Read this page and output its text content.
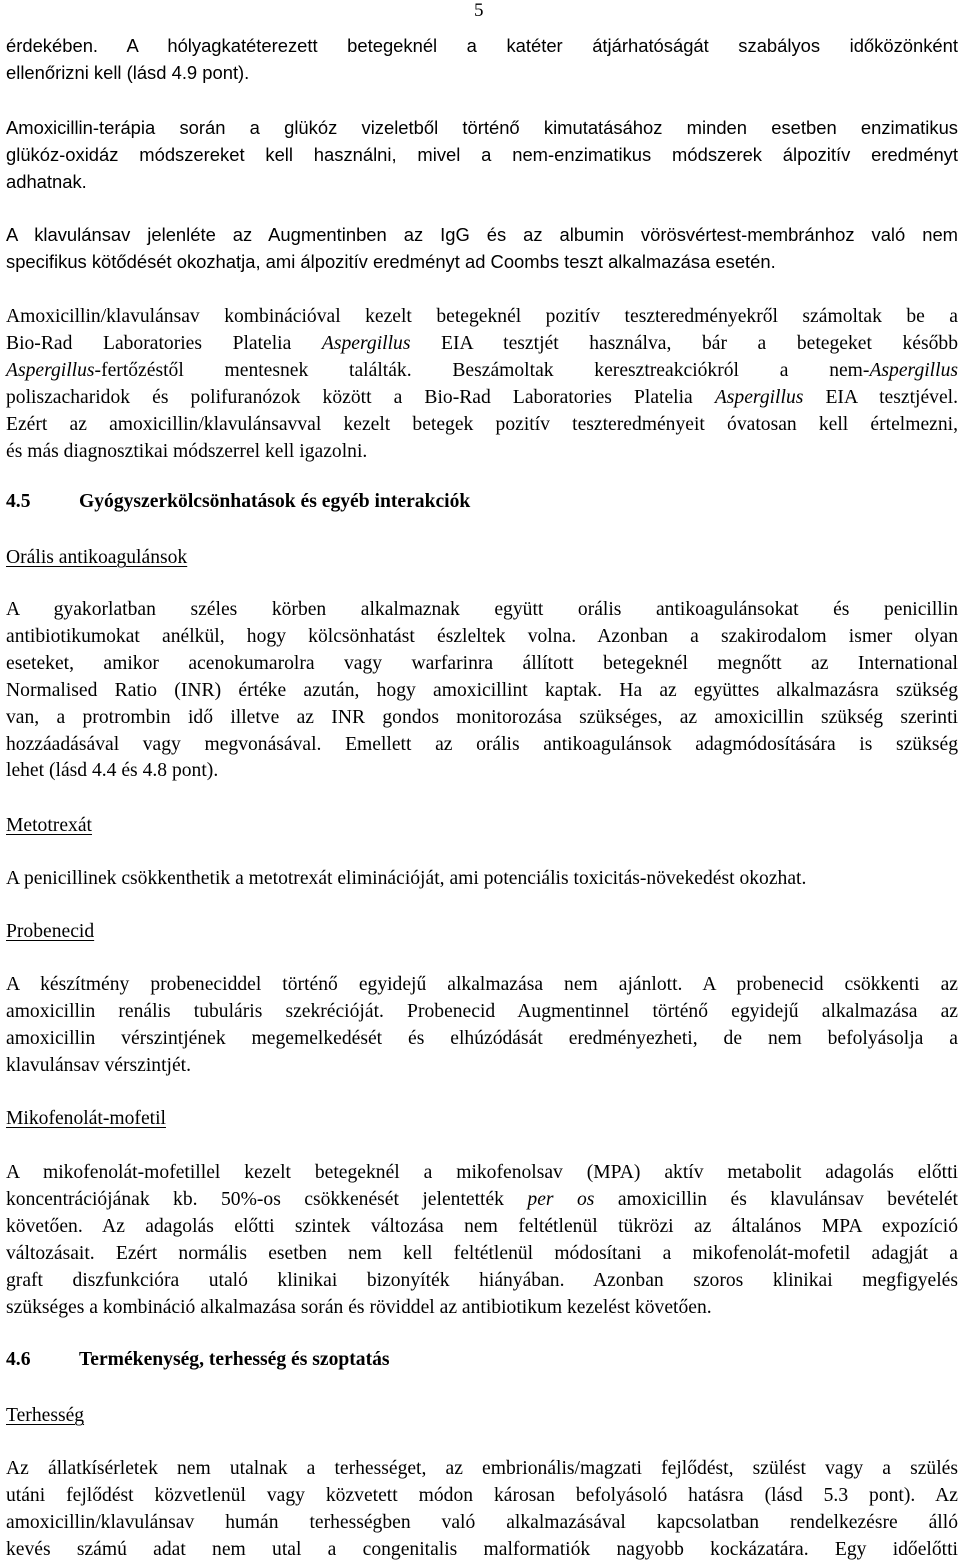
5
érdekében. A hólyagkatéterezett betegeknél a katéter átjárhatóságát szabályos időközönként
ellenőrizni kell (lásd 4.9 pont).
Amoxicillin-terápia során a glükóz vizeletből történő kimutatásához minden esetben enzimatikus
glükóz-oxidáz módszereket kell használni, mivel a nem-enzimatikus módszerek álpozitív eredményt
adhatnak.
A klavulánsav jelenléte az Augmentinben az IgG és az albumin vörösvértest-membránhoz való nem
specifikus kötődését okozhatja, ami álpozitív eredményt ad Coombs teszt alkalmazása esetén.
Amoxicillin/klavulánsav kombinációval kezelt betegeknél pozitív teszteredményekről számoltak be a
Bio-Rad Laboratories Platelia Aspergillus EIA tesztjét használva, bár a betegeket később
Aspergillus-fertőzéstől mentesnek találták. Beszámoltak keresztreakciókról a nem-Aspergillus
poliszacharidok és polifuranózok között a Bio-Rad Laboratories Platelia Aspergillus EIA tesztjével.
Ezért az amoxicillin/klavulánsavval kezelt betegek pozitív teszteredményeit óvatosan kell értelmezni,
és más diagnosztikai módszerrel kell igazolni.
4.5 Gyógyszerkölcsönhatások és egyéb interakciók
Orális antikoagulánsok
A gyakorlatban széles körben alkalmaznak együtt orális antikoagulánsokat és penicillin
antibiotikumokat anélkül, hogy kölcsönhatást észleltek volna. Azonban a szakirodalom ismer olyan
eseteket, amikor acenokumarolra vagy warfarinra állított betegeknél megnőtt az International
Normalised Ratio (INR) értéke azután, hogy amoxicillint kaptak. Ha az együttes alkalmazásra szükség
van, a protrombin idő illetve az INR gondos monitorozása szükséges, az amoxicillin szükség szerinti
hozzáadásával vagy megvonásával. Emellett az orális antikoagulánsok adagmódosítására is szükség
lehet (lásd 4.4 és 4.8 pont).
Metotrexát
A penicillinek csökkenthetik a metotrexát eliminációját, ami potenciális toxicitás-növekedést okozhat.
Probenecid
A készítmény probeneciddel történő egyidejű alkalmazása nem ajánlott. A probenecid csökkenti az
amoxicillin renális tubuláris szekrécióját. Probenecid Augmentinnel történő egyidejű alkalmazása az
amoxicillin vérszintjének megemelkedését és elhúzódását eredményezheti, de nem befolyásolja a
klavulánsav vérszintjét.
Mikofenolát-mofetil
A mikofenolát-mofetillel kezelt betegeknél a mikofenolsav (MPA) aktív metabolit adagolás előtti
koncentrációjának kb. 50%-os csökkenését jelentették per os amoxicillin és klavulánsav bevételét
követően. Az adagolás előtti szintek változása nem feltétlenül tükrözi az általános MPA expozíció
változásait. Ezért normális esetben nem kell feltétlenül módosítani a mikofenolát-mofetil adagját a
graft diszfunkcióra utaló klinikai bizonyíték hiányában. Azonban szoros klinikai megfigyelés
szükséges a kombináció alkalmazása során és röviddel az antibiotikum kezelést követően.
4.6 Termékenység, terhesség és szoptatás
Terhesség
Az állatkísérletek nem utalnak a terhességet, az embrionális/magzati fejlődést, szülést vagy a szülés
utáni fejlődést közvetlenül vagy közvetett módon károsan befolyásoló hatásra (lásd 5.3 pont). Az
amoxicillin/klavulánsav humán terhességben való alkalmazásával kapcsolatban rendelkezésre álló
kevés számú adat nem utal a congenitalis malformatiók nagyobb kockázatára. Egy időelőtti
